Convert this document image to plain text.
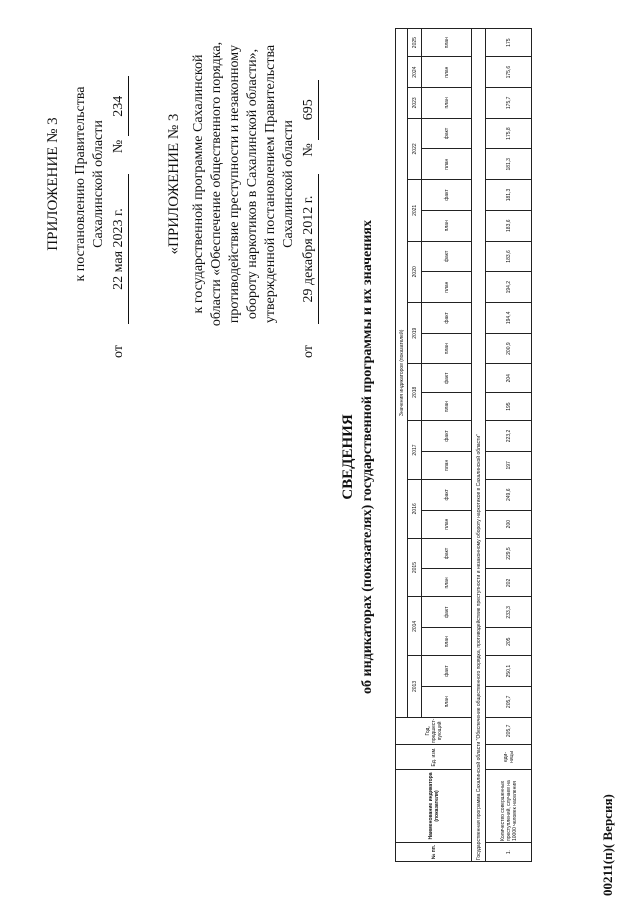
ПРИЛОЖЕНИЕ № 3 к постановлению Правительства Сахалинской области
от      22 мая 2023 г.      № 234
«ПРИЛОЖЕНИЕ № 3 к государственной программе Сахалинской области «Обеспечение общественного порядка, противодействие преступности и незаконному обороту наркотиков в Сахалинской области», утвержденной постановлением Правительства Сахалинской области
от      29 декабря 2012 г.     № 695
СВЕДЕНИЯ об индикаторах (показателях) государственной программы и их значениях
№ пп.	Наименование индикатора (показателя)	Ед. изм.	Год, предшест-вующий	Значения индикаторов (показателей)																						
				2013		2014		2015		2016		2017		2018		2019		2020		2021		2022		2023	2024	2025
				план	факт	план	факт	план	факт	план	факт	план	факт	план	факт	план	факт	план	факт	план	факт	план	факт	план	план	план
Государственная программа Сахалинской области "Обеспечение общественного порядка, противодействие преступности и незаконному обороту наркотиков в Сахалинской области"																										
1.	Количество совершенных преступлений, случаев на 10000 человек населения	еди-ницы	205,7	205,7	250,1	205	233,3	202	229,5	200	249,6	197	223,2	195	204	200,9	194,4	194,2	183,6	183,6	181,3	181,3	175,8	175,7	175,6	175
00211(п)( Версия)
